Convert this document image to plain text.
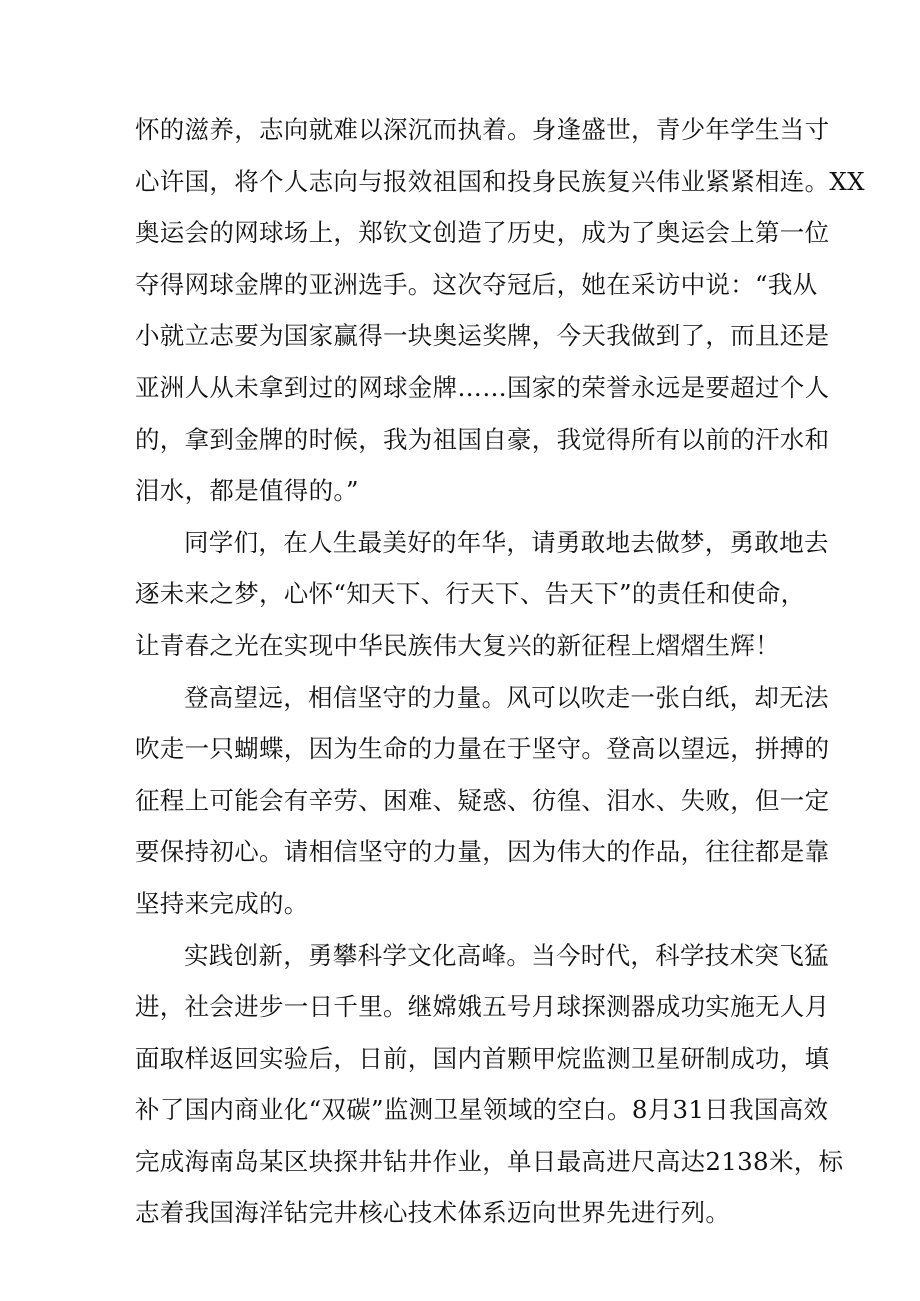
怀的滋养，志向就难以深沉而执着。身逢盛世，青少年学生当寸
心许国，将个人志向与报效祖国和投身民族复兴伟业紧紧相连。XX
奥运会的网球场上，郑钦文创造了历史，成为了奥运会上第一位
夺得网球金牌的亚洲选手。这次夺冠后，她在采访中说：“我从
小就立志要为国家赢得一块奥运奖牌，今天我做到了，而且还是
亚洲人从未拿到过的网球金牌……国家的荣誉永远是要超过个人
的，拿到金牌的时候，我为祖国自豪，我觉得所有以前的汗水和
泪水，都是值得的。”

同学们，在人生最美好的年华，请勇敢地去做梦，勇敢地去
逐未来之梦，心怀“知天下、行天下、告天下”的责任和使命，
让青春之光在实现中华民族伟大复兴的新征程上熠熠生辉！

登高望远，相信坚守的力量。风可以吹走一张白纸，却无法
吹走一只蝴蝶，因为生命的力量在于坚守。登高以望远，拼搏的
征程上可能会有辛劳、困难、疑惑、彷徨、泪水、失败，但一定
要保持初心。请相信坚守的力量，因为伟大的作品，往往都是靠
坚持来完成的。

实践创新，勇攀科学文化高峰。当今时代，科学技术突飞猛
进，社会进步一日千里。继嫦娥五号月球探测器成功实施无人月
面取样返回实验后，日前，国内首颗甲烷监测卫星研制成功，填
补了国内商业化“双碳”监测卫星领域的空白。8月31日我国高效
完成海南岛某区块探井钻井作业，单日最高进尺高达2138米，标
志着我国海洋钻完井核心技术体系迈向世界先进行列。
